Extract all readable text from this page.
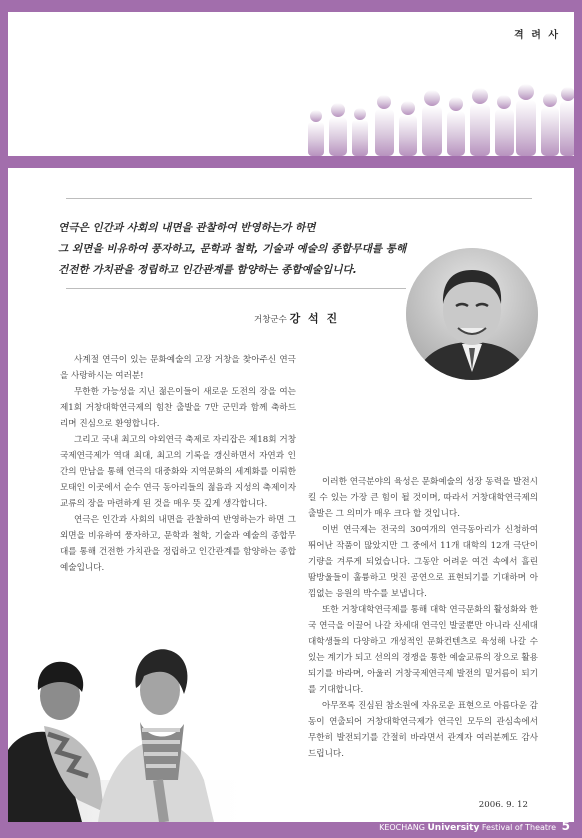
격 려 사
연극은 인간과 사회의 내면을 관찰하여 반영하는가 하면
그 외면을 비유하여 풍자하고, 문학과 철학, 기술과 예술의 종합무대를 통해
건전한 가치관을 정립하고 인간관계를 함양하는 종합예술입니다.
거창군수 강 석 진

사계절 연극이 있는 문화예술의 고장 거창을 찾아주신 연극을 사랑하시는 여러분!

무한한 가능성을 지닌 젊은이들이 새로운 도전의 장을 여는 제1회 거창대학연극제의 힘찬 출발을 7만 군민과 함께 축하드리며 진심으로 환영합니다.

그리고 국내 최고의 야외연극 축제로 자리잡은 제18회 거창국제연극제가 역대 최대, 최고의 기록을 갱신하면서 자연과 인간의 만남을 통해 연극의 대중화와 지역문화의 세계화를 이뤄한 모태인 이곳에서 순수 연극 동아리들의 젊음과 지성의 축제이자 교류의 장을 마련하게 된 것을 매우 뜻 깊게 생각합니다.

연극은 인간과 사회의 내면을 관찰하여 반영하는가 하면 그 외면을 비유하여 풍자하고, 문학과 철학, 기술과 예술의 종합무대를 통해 건전한 가치관을 정립하고 인간관계를 함양하는 종합예술입니다.

이러한 연극분야의 육성은 문화예술의 성장 동력을 발전시킬 수 있는 가장 큰 힘이 될 것이며, 따라서 거창대학연극제의 출발은 그 의미가 매우 크다 할 것입니다.

이번 연극제는 전국의 30여개의 연극동아리가 신청하여 뛰어난 작품이 많았지만 그 중에서 11개 대학의 12개 극단이 기량을 겨루게 되었습니다. 그동안 어려운 여건 속에서 흘린 땀방울들이 훌륭하고 멋진 공연으로 표현되기를 기대하며 아낌없는 응원의 박수를 보냅니다.

또한 거창대학연극제를 통해 대학 연극문화의 활성화와 한국 연극을 이끌어 나갈 차세대 연극인 발굴뿐만 아니라 신세대 대학생들의 다양하고 개성적인 문화컨텐츠로 육성해 나갈 수 있는 계기가 되고 선의의 경쟁을 통한 예술교류의 장으로 활용되기를 바라며, 아울러 거창국제연극제 발전의 밑거름이 되기를 기대합니다.

아무쪼록 진심된 참소원에 자유로운 표현으로 아름다운 감동이 연출되어 거창대학연극제가 연극인 모두의 관심속에서 무한히 발전되기를 간절히 바라면서 관계자 여러분께도 감사드립니다.

2006. 9. 12
KEOCHANG University Festival of Theatre 5
